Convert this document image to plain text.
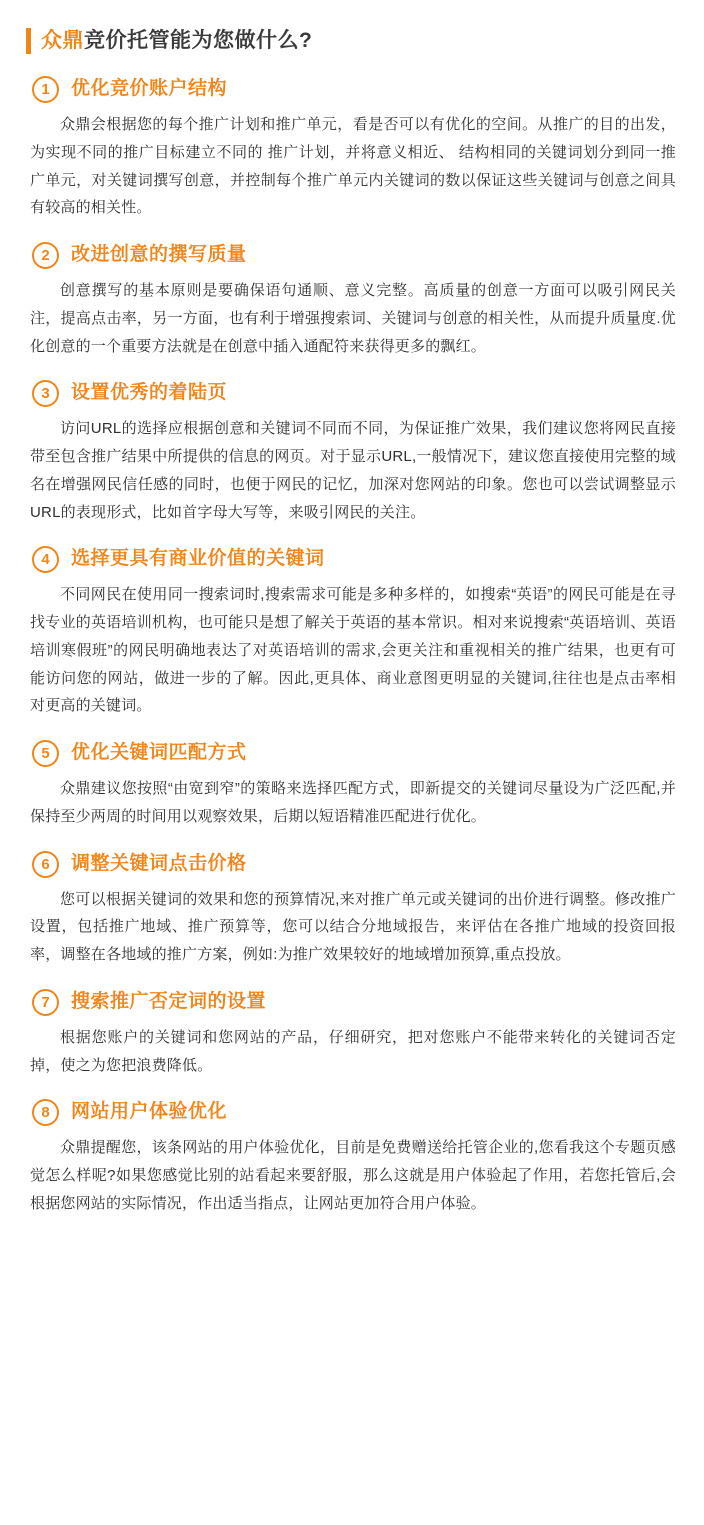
众鼎竞价托管能为您做什么?
1	优化竞价账户结构
众鼎会根据您的每个推广计划和推广单元，看是否可以有优化的空间。从推广的目的出发，为实现不同的推广目标建立不同的 推广计划，并将意义相近、 结构相同的关键词划分到同一推广单元，对关键词撰写创意，并控制每个推广单元内关键词的数以保证这些关键词与创意之间具有较高的相关性。
2	改进创意的撰写质量
创意撰写的基本原则是要确保语句通顺、意义完整。高质量的创意一方面可以吸引网民关注，提高点击率，另一方面，也有利于增强搜索词、关键词与创意的相关性，从而提升质量度.优化创意的一个重要方法就是在创意中插入通配符来获得更多的飘红。
3	设置优秀的着陆页
访问URL的选择应根据创意和关键词不同而不同，为保证推广效果，我们建议您将网民直接带至包含推广结果中所提供的信息的网页。对于显示URL,一般情况下，建议您直接使用完整的域名在增强网民信任感的同时，也便于网民的记忆，加深对您网站的印象。您也可以尝试调整显示URL的表现形式，比如首字母大写等，来吸引网民的关注。
4	选择更具有商业价值的关键词
不同网民在使用同一搜索词时,搜索需求可能是多种多样的，如搜索“英语”的网民可能是在寻找专业的英语培训机构，也可能只是想了解关于英语的基本常识。相对来说搜索“英语培训、英语培训寒假班”的网民明确地表达了对英语培训的需求,会更关注和重视相关的推广结果，也更有可能访问您的网站，做进一步的了解。因此,更具体、商业意图更明显的关键词,往往也是点击率相对更高的关键词。
5	优化关键词匹配方式
众鼎建议您按照“由宽到窄”的策略来选择匹配方式，即新提交的关键词尽量设为广泛匹配,并保持至少两周的时间用以观察效果，后期以短语精准匹配进行优化。
6	调整关键词点击价格
您可以根据关键词的效果和您的预算情况,来对推广单元或关键词的出价进行调整。修改推广设置，包括推广地域、推广预算等，您可以结合分地域报告，来评估在各推广地域的投资回报率，调整在各地域的推广方案，例如:为推广效果较好的地域增加预算,重点投放。
7	搜索推广否定词的设置
根据您账户的关键词和您网站的产品，仔细研究，把对您账户不能带来转化的关键词否定掉，使之为您把浪费降低。
8	网站用户体验优化
众鼎提醒您，该条网站的用户体验优化，目前是免费赠送给托管企业的,您看我这个专题页感觉怎么样呢?如果您感觉比别的站看起来要舒服，那么这就是用户体验起了作用，若您托管后,会根据您网站的实际情况，作出适当指点，让网站更加符合用户体验。
